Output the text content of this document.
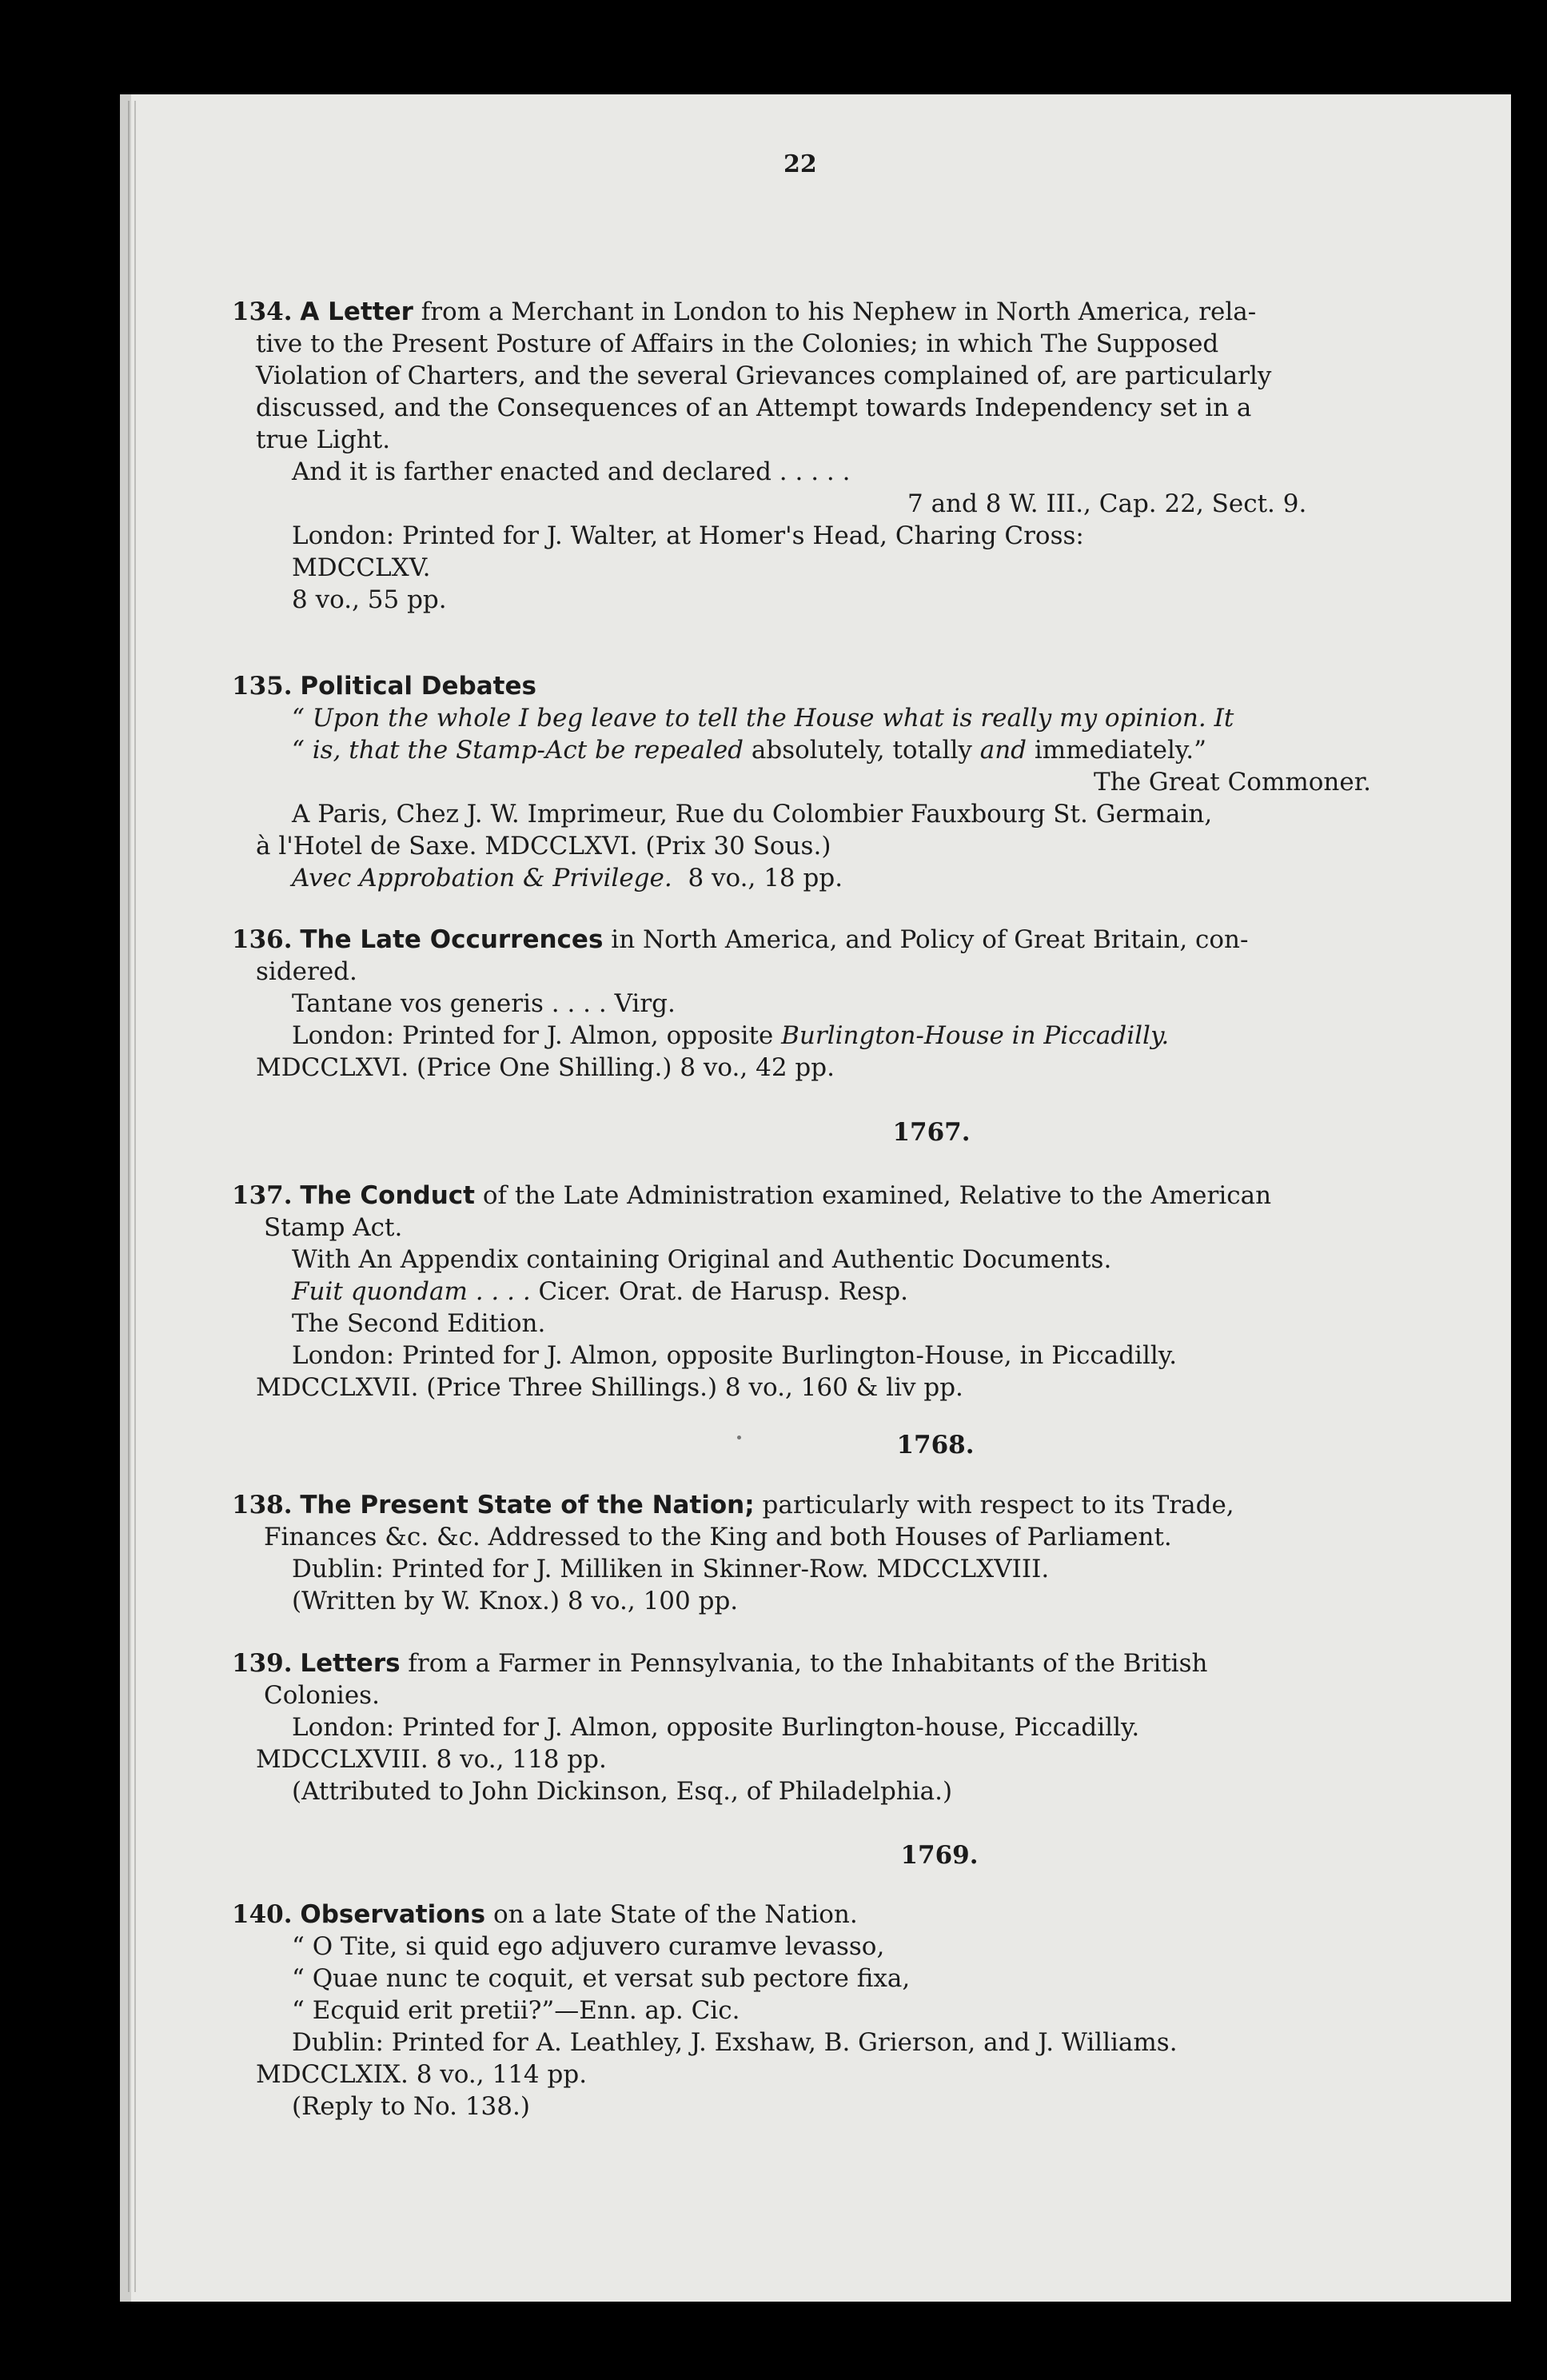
22
134. A Letter from a Merchant in London to his Nephew in North America, rela-
tive to the Present Posture of Affairs in the Colonies; in which The Supposed
Violation of Charters, and the several Grievances complained of, are particularly
discussed, and the Consequences of an Attempt towards Independency set in a
true Light.
And it is farther enacted and declared . . . . .
7 and 8 W. III., Cap. 22, Sect. 9.
London: Printed for J. Walter, at Homer's Head, Charing Cross:
MDCCLXV.
8 vo., 55 pp.
135. Political Debates
“ Upon the whole I beg leave to tell the House what is really my opinion. It
“ is, that the Stamp-Act be repealed absolutely, totally and immediately.”
The Great Commoner.
A Paris, Chez J. W. Imprimeur, Rue du Colombier Fauxbourg St. Germain,
à l'Hotel de Saxe. MDCCLXVI. (Prix 30 Sous.)
Avec Approbation & Privilege. 8 vo., 18 pp.
136. The Late Occurrences in North America, and Policy of Great Britain, con-
sidered.
Tantane vos generis . . . . Virg.
London: Printed for J. Almon, opposite Burlington-House in Piccadilly.
MDCCLXVI. (Price One Shilling.) 8 vo., 42 pp.
1767.
137. The Conduct of the Late Administration examined, Relative to the American
Stamp Act.
With An Appendix containing Original and Authentic Documents.
Fuit quondam . . . . Cicer. Orat. de Harusp. Resp.
The Second Edition.
London: Printed for J. Almon, opposite Burlington-House, in Piccadilly.
MDCCLXVII. (Price Three Shillings.) 8 vo., 160 & liv pp.
1768.
138. The Present State of the Nation; particularly with respect to its Trade,
Finances &c. &c. Addressed to the King and both Houses of Parliament.
Dublin: Printed for J. Milliken in Skinner-Row. MDCCLXVIII.
(Written by W. Knox.) 8 vo., 100 pp.
139. Letters from a Farmer in Pennsylvania, to the Inhabitants of the British
Colonies.
London: Printed for J. Almon, opposite Burlington-house, Piccadilly.
MDCCLXVIII. 8 vo., 118 pp.
(Attributed to John Dickinson, Esq., of Philadelphia.)
1769.
140. Observations on a late State of the Nation.
“ O Tite, si quid ego adjuvero curamve levasso,
“ Quae nunc te coquit, et versat sub pectore fixa,
“ Ecquid erit pretii?”—Enn. ap. Cic.
Dublin: Printed for A. Leathley, J. Exshaw, B. Grierson, and J. Williams.
MDCCLXIX. 8 vo., 114 pp.
(Reply to No. 138.)
